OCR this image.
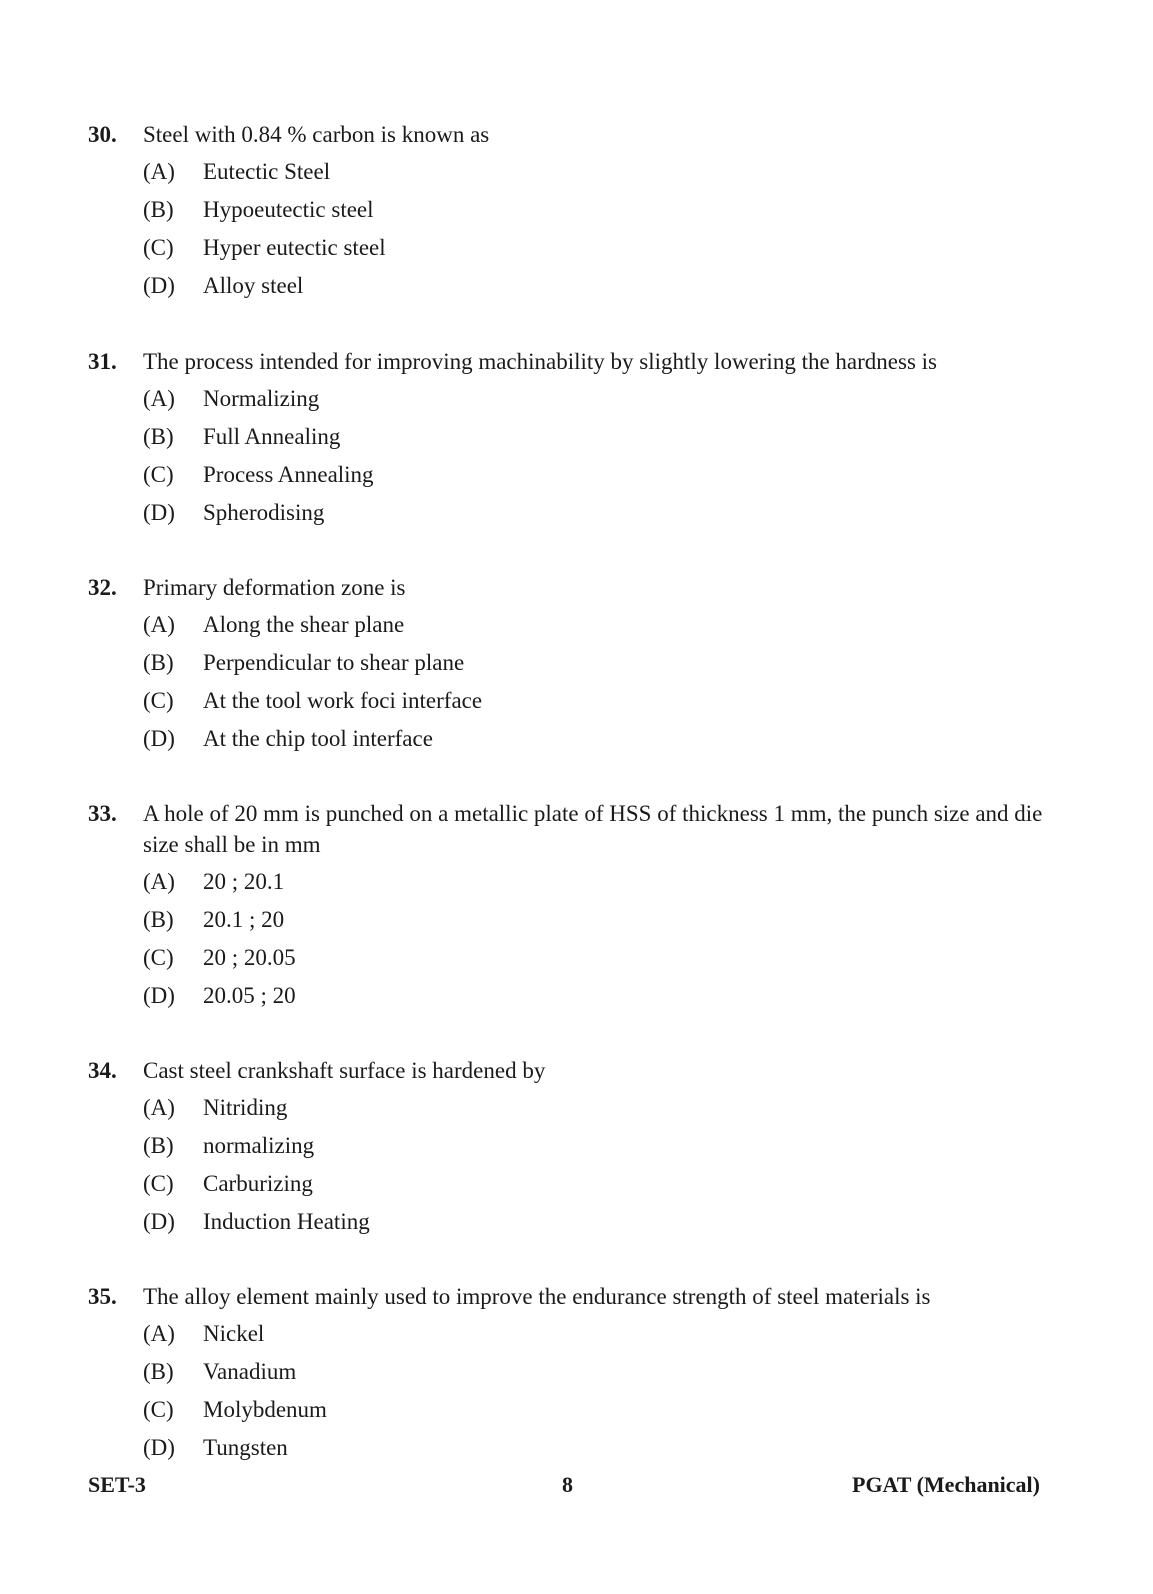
30.	Steel with 0.84 % carbon is known as
(A)	Eutectic Steel
(B)	Hypoeutectic steel
(C)	Hyper eutectic steel
(D)	Alloy steel
31.	The process intended for improving machinability by slightly lowering the hardness is
(A)	Normalizing
(B)	Full Annealing
(C)	Process Annealing
(D)	Spherodising
32.	Primary deformation zone is
(A)	Along the shear plane
(B)	Perpendicular to shear plane
(C)	At the tool work foci interface
(D)	At the chip tool interface
33.	A hole of 20 mm is punched on a metallic plate of HSS of thickness 1 mm, the punch size and die size shall be in mm
(A)	20 ; 20.1
(B)	20.1 ; 20
(C)	20 ; 20.05
(D)	20.05 ; 20
34.	Cast steel crankshaft surface is hardened by
(A)	Nitriding
(B)	normalizing
(C)	Carburizing
(D)	Induction Heating
35.	The alloy element mainly used to improve the endurance strength of steel materials is
(A)	Nickel
(B)	Vanadium
(C)	Molybdenum
(D)	Tungsten
SET-3	8	PGAT (Mechanical)
